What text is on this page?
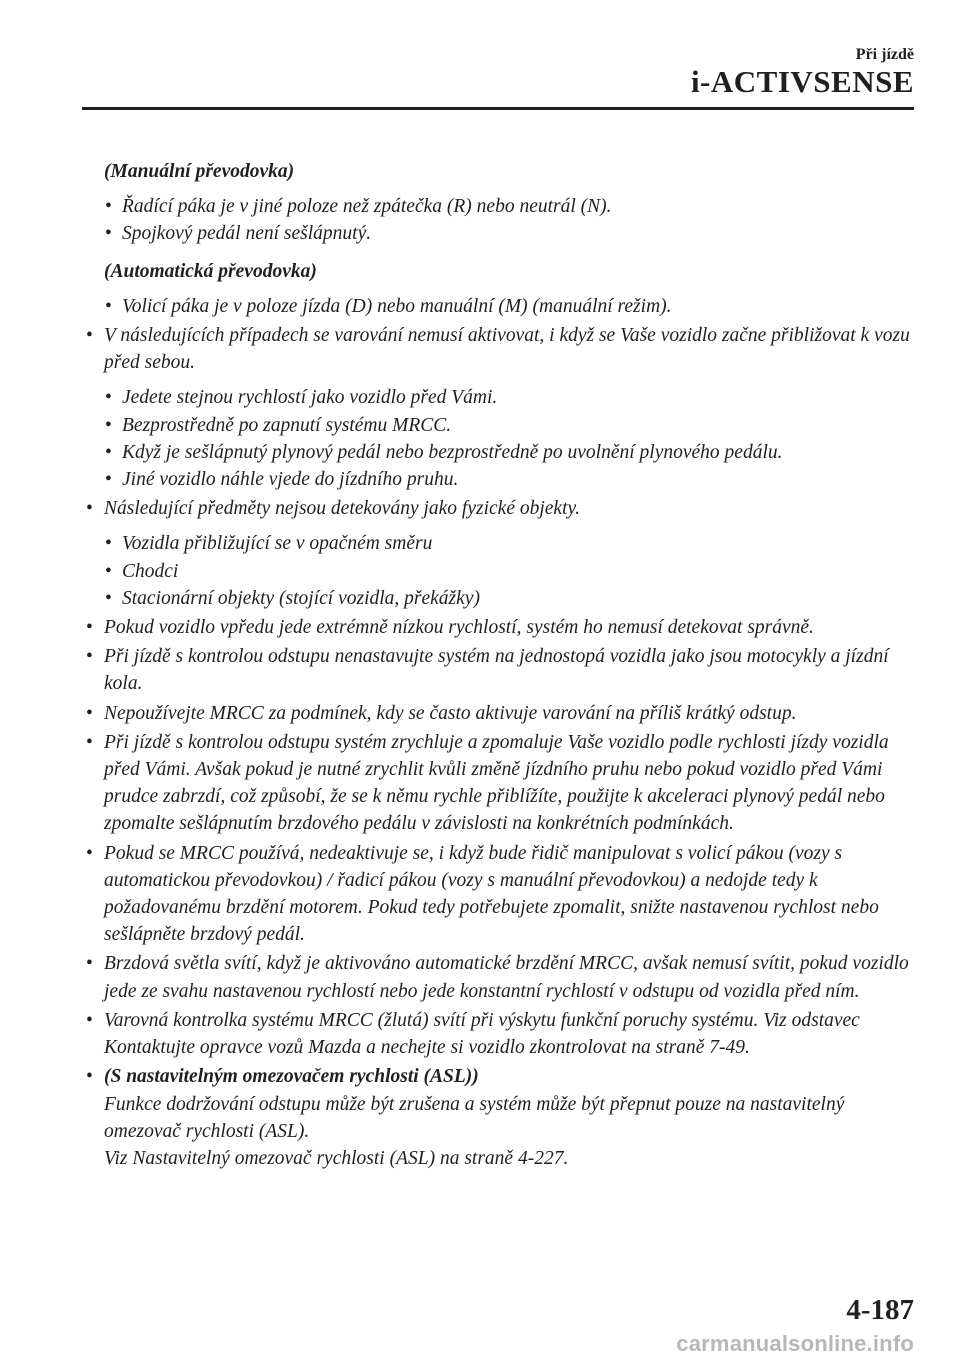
Při jízdě
i-ACTIVSENSE
(Manuální převodovka)
• Řadící páka je v jiné poloze než zpátečka (R) nebo neutrál (N).
• Spojkový pedál není sešlápnutý.
(Automatická převodovka)
• Volicí páka je v poloze jízda (D) nebo manuální (M) (manuální režim).
• V následujících případech se varování nemusí aktivovat, i když se Vaše vozidlo začne přibližovat k vozu před sebou.
• Jedete stejnou rychlostí jako vozidlo před Vámi.
• Bezprostředně po zapnutí systému MRCC.
• Když je sešlápnutý plynový pedál nebo bezprostředně po uvolnění plynového pedálu.
• Jiné vozidlo náhle vjede do jízdního pruhu.
• Následující předměty nejsou detekovány jako fyzické objekty.
• Vozidla přibližující se v opačném směru
• Chodci
• Stacionární objekty (stojící vozidla, překážky)
• Pokud vozidlo vpředu jede extrémně nízkou rychlostí, systém ho nemusí detekovat správně.
• Při jízdě s kontrolou odstupu nenastavujte systém na jednostopá vozidla jako jsou motocykly a jízdní kola.
• Nepoužívejte MRCC za podmínek, kdy se často aktivuje varování na příliš krátký odstup.
• Při jízdě s kontrolou odstupu systém zrychluje a zpomaluje Vaše vozidlo podle rychlosti jízdy vozidla před Vámi. Avšak pokud je nutné zrychlit kvůli změně jízdního pruhu nebo pokud vozidlo před Vámi prudce zabrzdí, což způsobí, že se k němu rychle přiblížíte, použijte k akceleraci plynový pedál nebo zpomalte sešlápnutím brzdového pedálu v závislosti na konkrétních podmínkách.
• Pokud se MRCC používá, nedeaktivuje se, i když bude řidič manipulovat s volicí pákou (vozy s automatickou převodovkou) / řadicí pákou (vozy s manuální převodovkou) a nedojde tedy k požadovanému brzdění motorem. Pokud tedy potřebujete zpomalit, snižte nastavenou rychlost nebo sešlápněte brzdový pedál.
• Brzdová světla svítí, když je aktivováno automatické brzdění MRCC, avšak nemusí svítit, pokud vozidlo jede ze svahu nastavenou rychlostí nebo jede konstantní rychlostí v odstupu od vozidla před ním.
• Varovná kontrolka systému MRCC (žlutá) svítí při výskytu funkční poruchy systému. Viz odstavec Kontaktujte opravce vozů Mazda a nechejte si vozidlo zkontrolovat na straně 7-49.
• (S nastavitelným omezovačem rychlosti (ASL))
Funkce dodržování odstupu může být zrušena a systém může být přepnut pouze na nastavitelný omezovač rychlosti (ASL).
Viz Nastavitelný omezovač rychlosti (ASL) na straně 4-227.
4-187
carmanualsonline.info
